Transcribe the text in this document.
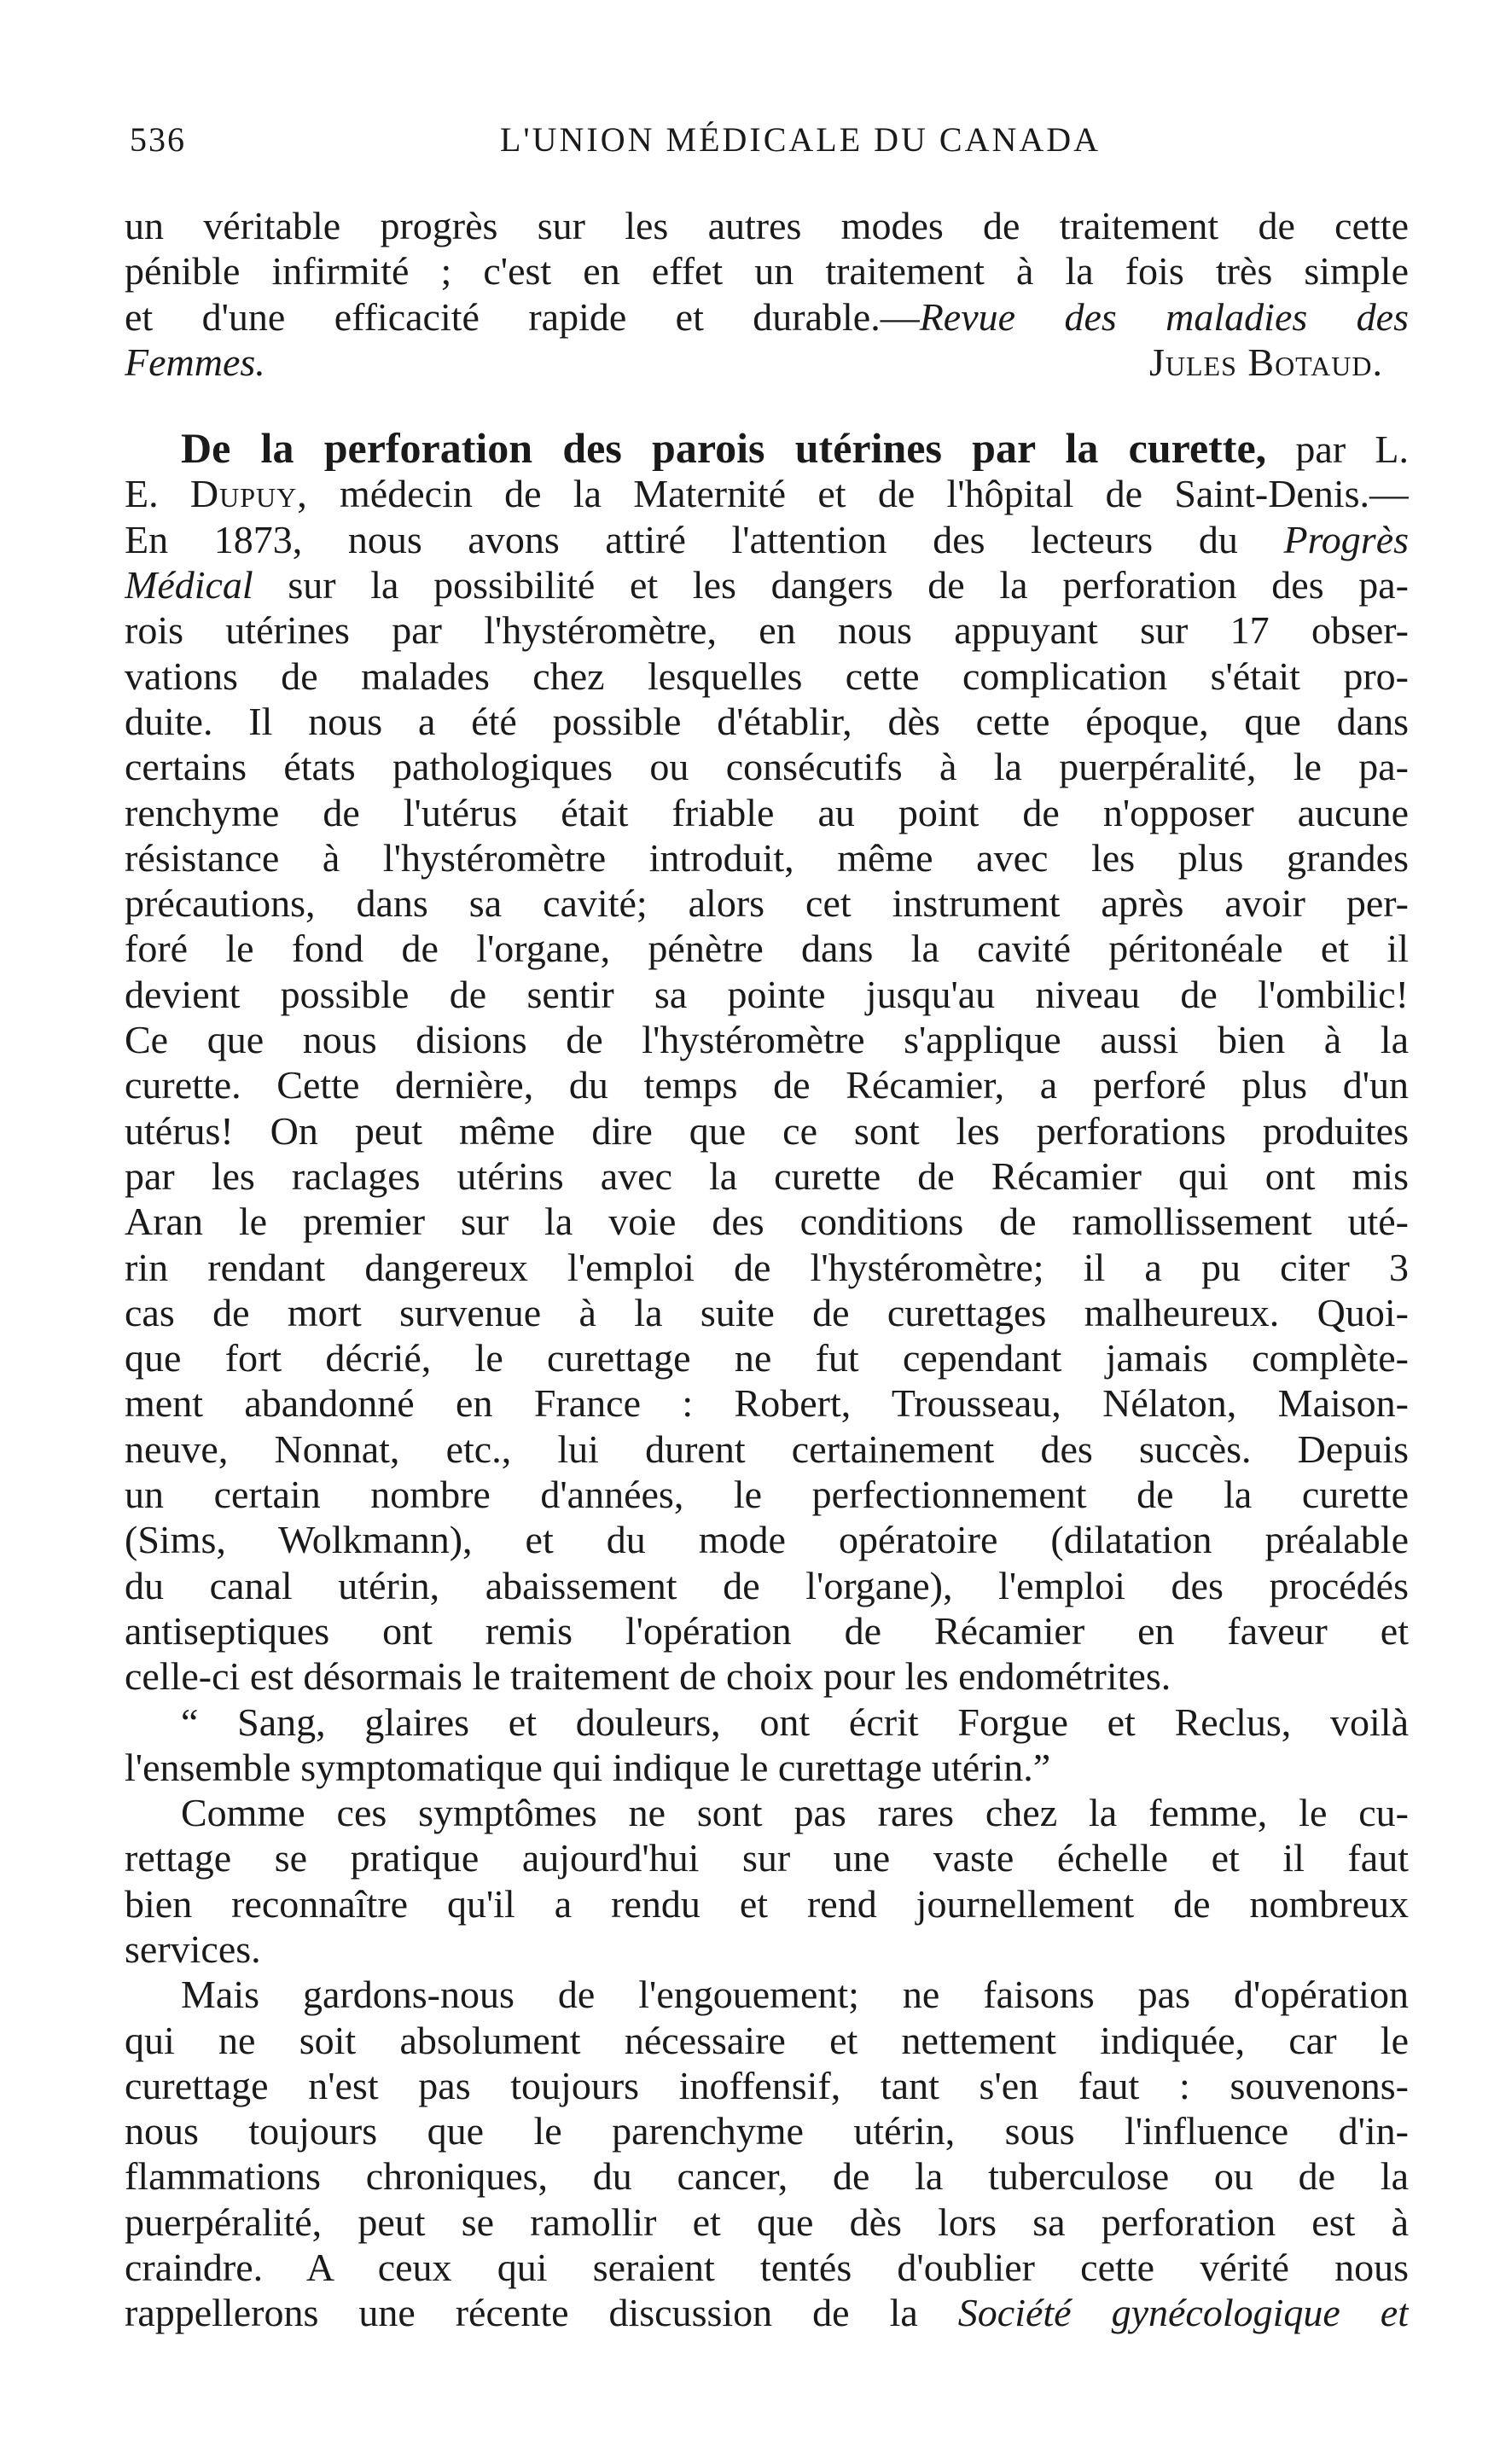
536	L'UNION MÉDICALE DU CANADA
un véritable progrès sur les autres modes de traitement de cette
pénible infirmité ; c'est en effet un traitement à la fois très simple
et d'une efficacité rapide et durable.—Revue des maladies des
Femmes.	Jules Botaud.
De la perforation des parois utérines par la curette, par L.
E. Dupuy, médecin de la Maternité et de l'hôpital de Saint-Denis.—
En 1873, nous avons attiré l'attention des lecteurs du Progrès
Médical sur la possibilité et les dangers de la perforation des pa-
rois utérines par l'hystéromètre, en nous appuyant sur 17 obser-
vations de malades chez lesquelles cette complication s'était pro-
duite. Il nous a été possible d'établir, dès cette époque, que dans
certains états pathologiques ou consécutifs à la puerpéralité, le pa-
renchyme de l'utérus était friable au point de n'opposer aucune
résistance à l'hystéromètre introduit, même avec les plus grandes
précautions, dans sa cavité; alors cet instrument après avoir per-
foré le fond de l'organe, pénètre dans la cavité péritonéale et il
devient possible de sentir sa pointe jusqu'au niveau de l'ombilic!
Ce que nous disions de l'hystéromètre s'applique aussi bien à la
curette. Cette dernière, du temps de Récamier, a perforé plus d'un
utérus! On peut même dire que ce sont les perforations produites
par les raclages utérins avec la curette de Récamier qui ont mis
Aran le premier sur la voie des conditions de ramollissement uté-
rin rendant dangereux l'emploi de l'hystéromètre; il a pu citer 3
cas de mort survenue à la suite de curettages malheureux. Quoi-
que fort décrié, le curettage ne fut cependant jamais complète-
ment abandonné en France : Robert, Trousseau, Nélaton, Maison-
neuve, Nonnat, etc., lui durent certainement des succès. Depuis
un certain nombre d'années, le perfectionnement de la curette
(Sims, Wolkmann), et du mode opératoire (dilatation préalable
du canal utérin, abaissement de l'organe), l'emploi des procédés
antiseptiques ont remis l'opération de Récamier en faveur et
celle-ci est désormais le traitement de choix pour les endométrites.
“ Sang, glaires et douleurs, ont écrit Forgue et Reclus, voilà
l'ensemble symptomatique qui indique le curettage utérin.”
Comme ces symptômes ne sont pas rares chez la femme, le cu-
rettage se pratique aujourd'hui sur une vaste échelle et il faut
bien reconnaître qu'il a rendu et rend journellement de nombreux
services.
Mais gardons-nous de l'engouement; ne faisons pas d'opération
qui ne soit absolument nécessaire et nettement indiquée, car le
curettage n'est pas toujours inoffensif, tant s'en faut : souvenons-
nous toujours que le parenchyme utérin, sous l'influence d'in-
flammations chroniques, du cancer, de la tuberculose ou de la
puerpéralité, peut se ramollir et que dès lors sa perforation est à
craindre. A ceux qui seraient tentés d'oublier cette vérité nous
rappellerons une récente discussion de la Société gynécologique et
